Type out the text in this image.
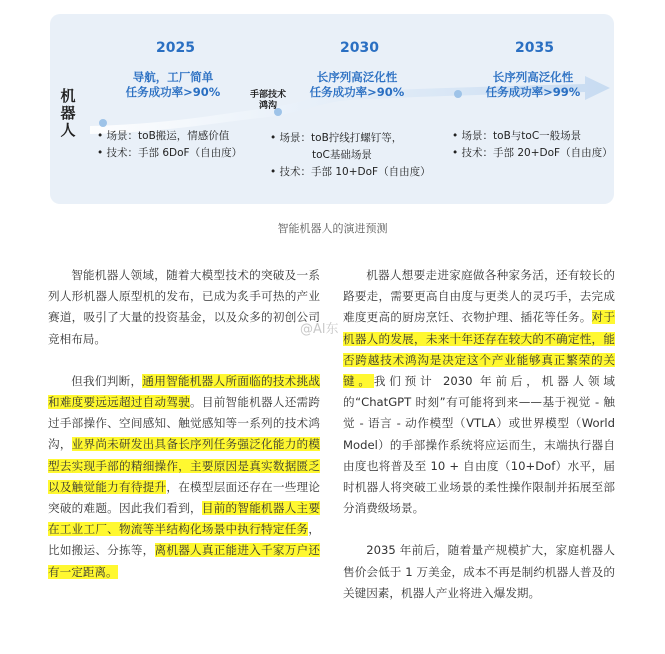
机器人
2025	2030	2035
导航，工厂简单
任务成功率>90%
长序列高泛化性
任务成功率>90%
长序列高泛化性
任务成功率>99%
手部技术
鸿沟
• 场景：toB搬运，情感价值
• 技术：手部 6DoF（自由度）
• 场景：toB拧线打螺钉等，
toC基础场景
• 技术：手部 10+DoF（自由度）
• 场景：toB与toC一般场景
• 技术：手部 20+DoF（自由度）
智能机器人的演进预测

智能机器人领域，随着大模型技术的突破及一系列人形机器人原型机的发布，已成为炙手可热的产业赛道，吸引了大量的投资基金，以及众多的初创公司竞相布局。

但我们判断，通用智能机器人所面临的技术挑战和难度要远远超过自动驾驶。目前智能机器人还需跨过手部操作、空间感知、触觉感知等一系列的技术鸿沟，业界尚未研发出具备长序列任务强泛化能力的模型去实现手部的精细操作，主要原因是真实数据匮乏以及触觉能力有待提升，在模型层面还存在一些理论突破的难题。因此我们看到，目前的智能机器人主要在工业工厂、物流等半结构化场景中执行特定任务，比如搬运、分拣等，离机器人真正能进入千家万户还有一定距离。

机器人想要走进家庭做各种家务活，还有较长的路要走，需要更高自由度与更类人的灵巧手，去完成难度更高的厨房烹饪、衣物护理、插花等任务。对于机器人的发展，未来十年还存在较大的不确定性，能否跨越技术鸿沟是决定这个产业能够真正繁荣的关键。我们预计 2030 年前后，机器人领域的“ChatGPT 时刻”有可能将到来——基于视觉 - 触觉 - 语言 - 动作模型（VTLA）或世界模型（World Model）的手部操作系统将应运而生，末端执行器自由度也将普及至 10 + 自由度（10+Dof）水平，届时机器人将突破工业场景的柔性操作限制并拓展至部分消费级场景。

2035 年前后，随着量产规模扩大，家庭机器人售价会低于 1 万美金，成本不再是制约机器人普及的关键因素，机器人产业将进入爆发期。

@Al东
